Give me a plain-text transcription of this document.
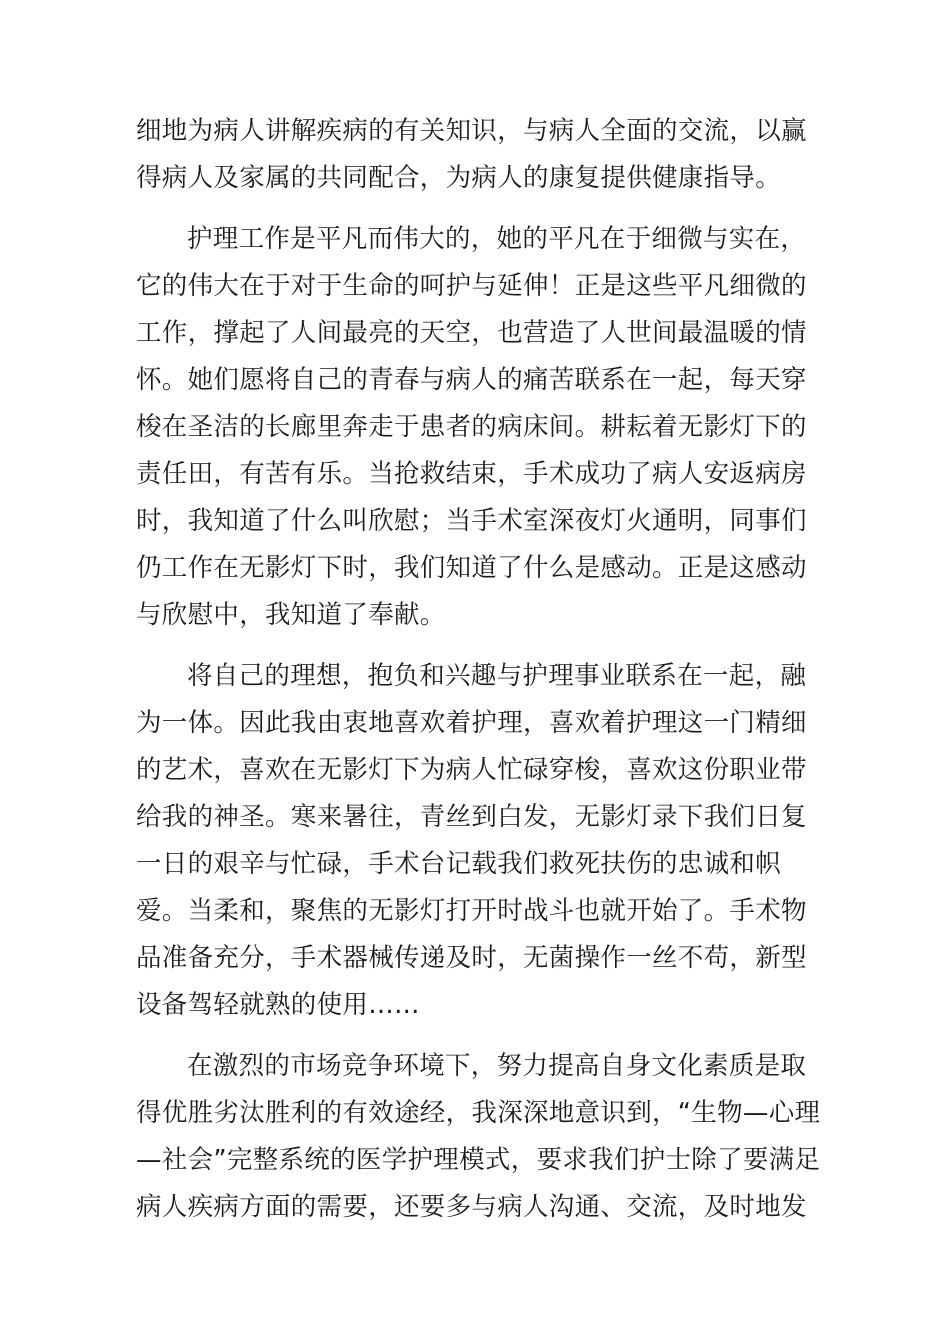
细地为病人讲解疾病的有关知识，与病人全面的交流，以赢
得病人及家属的共同配合，为病人的康复提供健康指导。

护理工作是平凡而伟大的，她的平凡在于细微与实在，
它的伟大在于对于生命的呵护与延伸！正是这些平凡细微的
工作，撑起了人间最亮的天空，也营造了人世间最温暖的情
怀。她们愿将自己的青春与病人的痛苦联系在一起，每天穿
梭在圣洁的长廊里奔走于患者的病床间。耕耘着无影灯下的
责任田，有苦有乐。当抢救结束，手术成功了病人安返病房
时，我知道了什么叫欣慰；当手术室深夜灯火通明，同事们
仍工作在无影灯下时，我们知道了什么是感动。正是这感动
与欣慰中，我知道了奉献。

将自己的理想，抱负和兴趣与护理事业联系在一起，融
为一体。因此我由衷地喜欢着护理，喜欢着护理这一门精细
的艺术，喜欢在无影灯下为病人忙碌穿梭，喜欢这份职业带
给我的神圣。寒来暑往，青丝到白发，无影灯录下我们日复
一日的艰辛与忙碌，手术台记载我们救死扶伤的忠诚和帜
爱。当柔和，聚焦的无影灯打开时战斗也就开始了。手术物
品准备充分，手术器械传递及时，无菌操作一丝不苟，新型
设备驾轻就熟的使用……

在激烈的市场竞争环境下，努力提高自身文化素质是取
得优胜劣汰胜利的有效途经，我深深地意识到，“生物—心理
—社会”完整系统的医学护理模式，要求我们护士除了要满足
病人疾病方面的需要，还要多与病人沟通、交流，及时地发
